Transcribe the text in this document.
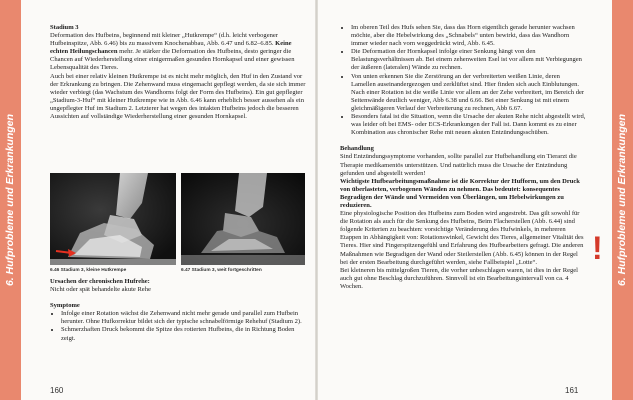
6. Hufprobleme und Erkrankungen	6. Hufprobleme und Erkrankungen

Stadium 3

Deformation des Hufbeins, beginnend mit kleiner „Hutkrempe“ (d.h. leicht verbogener Hufbeinspitze, Abb. 6.46) bis zu massivem Knochenabbau, Abb. 6.47 und 6.82–6.85. Keine echten Heilungschancen mehr. Je stärker die Deformation des Hufbeins, desto geringer die Chancen auf Wiederherstellung einer einigermaßen gesunden Hornkapsel und einer gewissen Lebensqualität des Tieres.

Auch bei einer relativ kleinen Hutkrempe ist es nicht mehr möglich, den Huf in den Zustand vor der Erkrankung zu bringen. Die Zehenwand muss eingemacht gepflegt werden, da sie sich immer wieder verbiegt (das Wachstum des Wandhorns folgt der Form des Hufbeins). Ein gut gepflegter „Stadium-3-Huf“ mit kleiner Hutkrempe wie in Abb. 6.46 kann erheblich besser aussehen als ein ungepflegter Huf im Stadium 2. Letzterer hat wegen des intakten Hufbeins jedoch die besseren Aussichten auf vollständige Wiederherstellung einer gesunden Hornkapsel.

6.46 Stadium 3, kleine Hutkrempe	6.47 Stadium 3, weit fortgeschritten

Ursachen der chronischen Hufrehe:

Nicht oder spät behandelte akute Rehe

Symptome

• Infolge einer Rotation wächst die Zehenwand nicht mehr gerade und parallel zum Hufbein herunter. Ohne Hufkorrektur bildet sich der typische schnabelförmige Rehehuf (Stadium 2).
• Schmerzhaften Druck bekommt die Spitze des rotierten Hufbeins, die in Richtung Boden zeigt.
160
• Im oberen Teil des Hufs sehen Sie, dass das Horn eigentlich gerade herunter wachsen möchte, aber die Hebelwirkung des „Schnabels“ unten bewirkt, dass das Wandhorn immer wieder nach vorn weggedrückt wird, Abb. 6.45.
• Die Deformation der Hornkapsel infolge einer Senkung hängt von den Belastungsverhältnissen ab. Bei einem zehenweiten Esel ist vor allem mit Verbiegungen der äußeren (lateralen) Wände zu rechnen.
• Von unten erkennen Sie die Zerstörung an der verbreiterten weißen Linie, deren Lamellen auseinandergezogen und zerklüftet sind. Hier finden sich auch Einblutungen. Nach einer Rotation ist die weiße Linie vor allem an der Zehe verbreitert, im Bereich der Seitenwände deutlich weniger, Abb 6.38 und 6.66. Bei einer Senkung ist mit einem gleichmäßigeren Verlauf der Verbreiterung zu rechnen, Abb 6.67.
• Besonders fatal ist die Situation, wenn die Ursache der akuten Rehe nicht abgestellt wird, was leider oft bei EMS- oder ECS-Erkrankungen der Fall ist. Dann kommt es zu einer Kombination aus chronischer Rehe mit neuen akuten Entzündungsschüben.

Behandlung

Sind Entzündungssymptome vorhanden, sollte parallel zur Hufbehandlung ein Tierarzt die Therapie medikamentös unterstützen. Und natürlich muss die Ursache der Entzündung gefunden und abgestellt werden!

Wichtigste Hufbearbeitungsmaßnahme ist die Korrektur der Hufform, um den Druck von überlasteten, verbogenen Wänden zu nehmen. Das bedeutet: konsequentes Begradigen der Wände und Vermeiden von Überlängen, um Hebelwirkungen zu reduzieren.

Eine physiologische Position des Hufbeins zum Boden wird angestrebt. Das gilt sowohl für die Rotation als auch für die Senkung des Hufbeins, Beim Flacherstellen (Abb. 6.44) sind folgende Kriterien zu beachten: vorsichtige Veränderung des Hufwinkels, in mehreren Etappen in Abhängigkeit von: Rotationswinkel, Gewicht des Tieres, allgemeiner Vitalität des Tieres. Hier sind Fingerspitzengefühl und Erfahrung des Hufbearbeiters gefragt. Die anderen Maßnahmen wie Begradigen der Wand oder Steilerstellen (Abb. 6.45) können in der Regel bei der ersten Bearbeitung durchgeführt werden, siehe Fallbeispiel „Lotte“.

Bei kleineren bis mittelgroßen Tieren, die vorher unbeschlagen waren, ist dies in der Regel auch gut ohne Beschlag durchzuführen. Sinnvoll ist ein Bearbeitungsintervall von ca. 4 Wochen.

!
161
